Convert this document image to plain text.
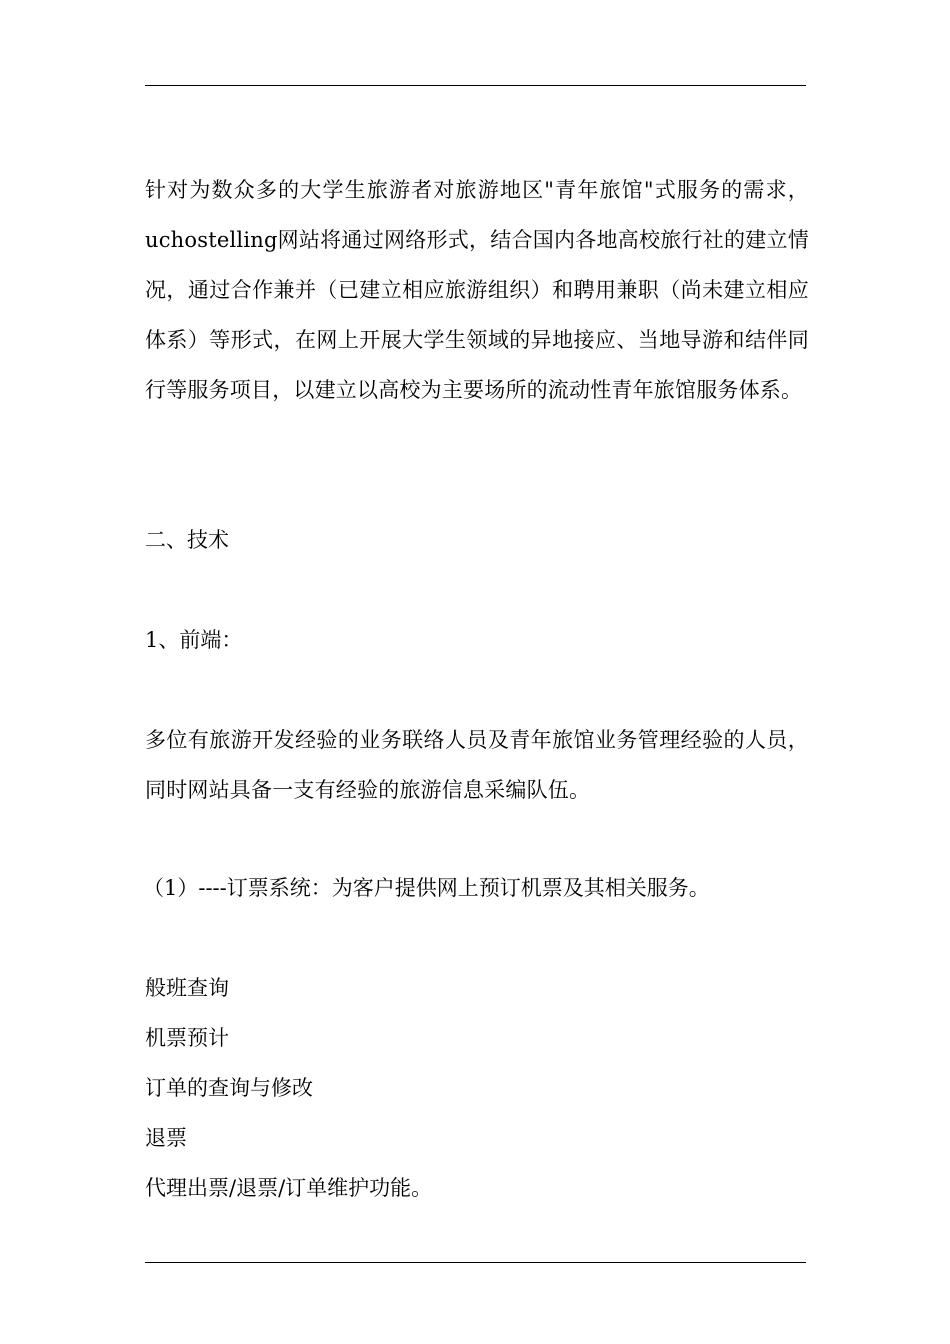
针对为数众多的大学生旅游者对旅游地区"青年旅馆"式服务的需求，uchostelling网站将通过网络形式，结合国内各地高校旅行社的建立情况，通过合作兼并（已建立相应旅游组织）和聘用兼职（尚未建立相应体系）等形式，在网上开展大学生领域的异地接应、当地导游和结伴同行等服务项目，以建立以高校为主要场所的流动性青年旅馆服务体系。

二、技术

1、前端：

多位有旅游开发经验的业务联络人员及青年旅馆业务管理经验的人员，同时网站具备一支有经验的旅游信息采编队伍。

（1）----订票系统：为客户提供网上预订机票及其相关服务。

般班查询

机票预计

订单的查询与修改

退票

代理出票/退票/订单维护功能。
